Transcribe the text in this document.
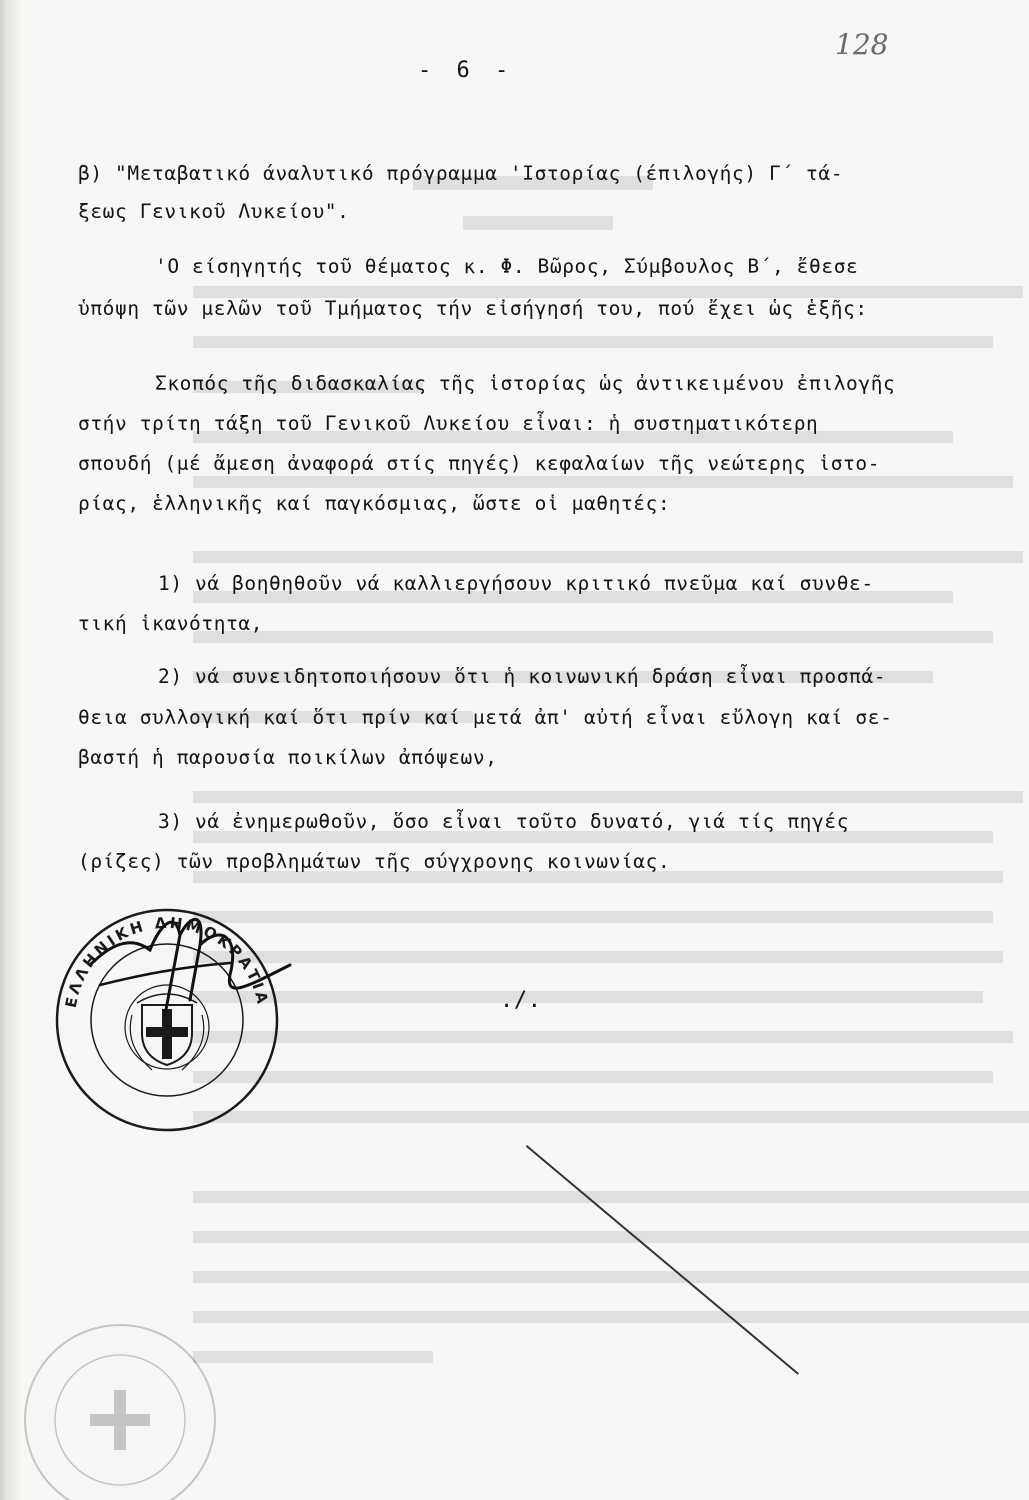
128
- 6 -
β) "Μεταβατικό άναλυτικό πρόγραμμα 'Ιστορίας (έπιλογής) Γ΄ τά-
ξεως Γενικοῦ Λυκείου".
'Ο είσηγητής τοῦ θέματος κ. Φ. Βῶρος, Σύμβουλος Β΄, ἔθεσε
ὑπόψη τῶν μελῶν τοῦ Τμήματος τήν εἰσήγησή του, πού ἔχει ὡς ἑξῆς:
Σκοπός τῆς διδασκαλίας τῆς ἱστορίας ὡς ἀντικειμένου ἐπιλογῆς
στήν τρίτη τάξη τοῦ Γενικοῦ Λυκείου εἶναι: ἡ συστηματικότερη
σπουδή (μέ ἄμεση ἀναφορά στίς πηγές) κεφαλαίων τῆς νεώτερης ἱστο-
ρίας, ἑλληνικῆς καί παγκόσμιας, ὥστε οἱ μαθητές:
1) νά βοηθηθοῦν νά καλλιεργήσουν κριτικό πνεῦμα καί συνθε-
τική ἱκανότητα,
2) νά συνειδητοποιήσουν ὅτι ἡ κοινωνική δράση εἶναι προσπά-
θεια συλλογική καί ὅτι πρίν καί μετά ἀπ' αὐτή εἶναι εὔλογη καί σε-
βαστή ἡ παρουσία ποικίλων ἀπόψεων,
3) νά ἐνημερωθοῦν, ὅσο εἶναι τοῦτο δυνατό, γιά τίς πηγές
(ρίζες) τῶν προβλημάτων τῆς σύγχρονης κοινωνίας.
./.
ΕΛΛΗΝΙΚΗ ΔΗΜΟΚΡΑΤΙΑ
